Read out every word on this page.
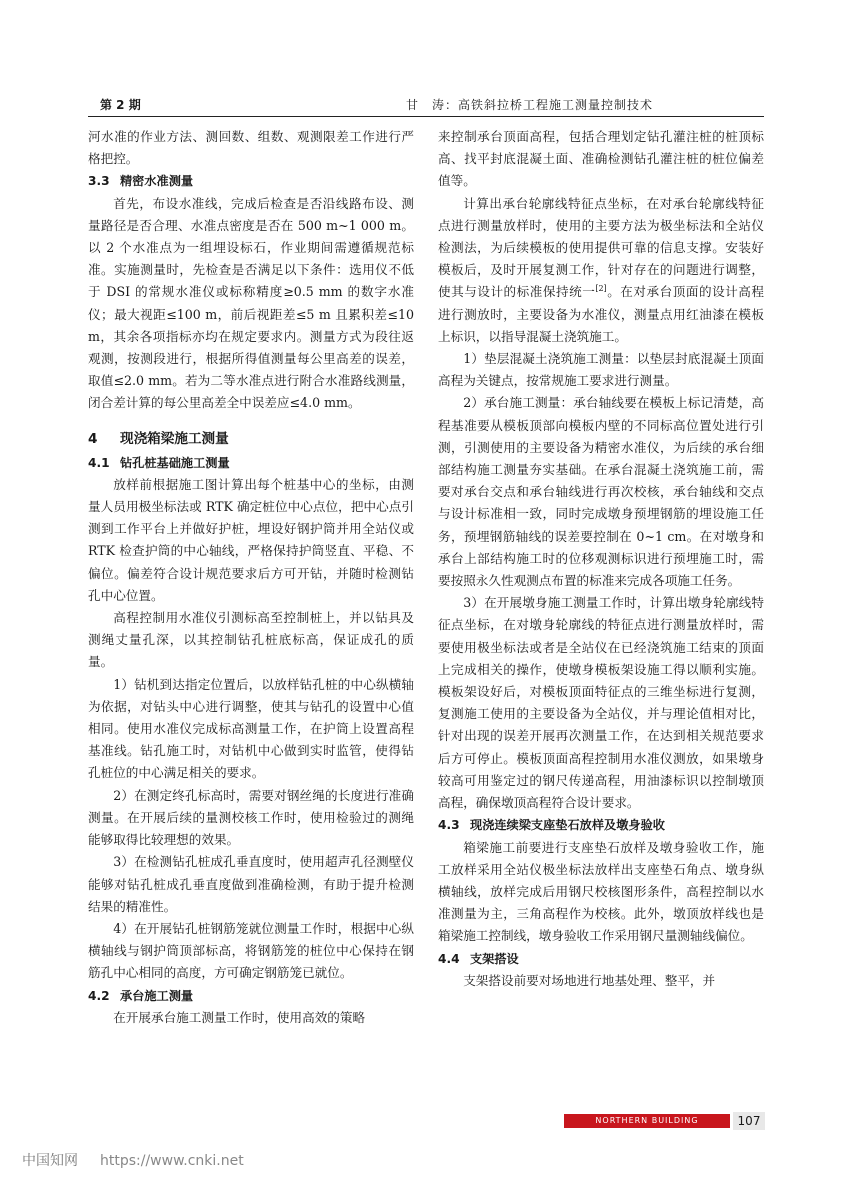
第 2 期	甘　涛：高铁斜拉桥工程施工测量控制技术

河水准的作业方法、测回数、组数、观测限差工作进行严格把控。

3.3 精密水准测量

首先，布设水准线，完成后检查是否沿线路布设、测量路径是否合理、水准点密度是否在 500 m~1 000 m。以 2 个水准点为一组埋设标石，作业期间需遵循规范标准。实施测量时，先检查是否满足以下条件：选用仪不低于 DSI 的常规水准仪或标称精度≥0.5 mm 的数字水准仪；最大视距≤100 m，前后视距差≤5 m 且累积差≤10 m，其余各项指标亦均在规定要求内。测量方式为段往返观测，按测段进行，根据所得值测量每公里高差的误差，取值≤2.0 mm。若为二等水准点进行附合水准路线测量，闭合差计算的每公里高差全中误差应≤4.0 mm。

4 现浇箱梁施工测量
4.1 钻孔桩基础施工测量

放样前根据施工图计算出每个桩基中心的坐标，由测量人员用极坐标法或 RTK 确定桩位中心点位，把中心点引测到工作平台上并做好护桩，埋设好钢护筒并用全站仪或 RTK 检查护筒的中心轴线，严格保持护筒竖直、平稳、不偏位。偏差符合设计规范要求后方可开钻，并随时检测钻孔中心位置。

高程控制用水准仪引测标高至控制桩上，并以钻具及测绳丈量孔深，以其控制钻孔桩底标高，保证成孔的质量。

1）钻机到达指定位置后，以放样钻孔桩的中心纵横轴为依据，对钻头中心进行调整，使其与钻孔的设置中心值相同。使用水准仪完成标高测量工作，在护筒上设置高程基准线。钻孔施工时，对钻机中心做到实时监管，使得钻孔桩位的中心满足相关的要求。

2）在测定终孔标高时，需要对钢丝绳的长度进行准确测量。在开展后续的量测校核工作时，使用检验过的测绳能够取得比较理想的效果。

3）在检测钻孔桩成孔垂直度时，使用超声孔径测壁仪能够对钻孔桩成孔垂直度做到准确检测，有助于提升检测结果的精准性。

4）在开展钻孔桩钢筋笼就位测量工作时，根据中心纵横轴线与钢护筒顶部标高，将钢筋笼的桩位中心保持在钢筋孔中心相同的高度，方可确定钢筋笼已就位。

4.2 承台施工测量

在开展承台施工测量工作时，使用高效的策略

来控制承台顶面高程，包括合理划定钻孔灌注桩的桩顶标高、找平封底混凝土面、准确检测钻孔灌注桩的桩位偏差值等。

计算出承台轮廓线特征点坐标，在对承台轮廓线特征点进行测量放样时，使用的主要方法为极坐标法和全站仪检测法，为后续模板的使用提供可靠的信息支撑。安装好模板后，及时开展复测工作，针对存在的问题进行调整，使其与设计的标准保持统一[2]。在对承台顶面的设计高程进行测放时，主要设备为水准仪，测量点用红油漆在模板上标识，以指导混凝土浇筑施工。

1）垫层混凝土浇筑施工测量：以垫层封底混凝土顶面高程为关键点，按常规施工要求进行测量。

2）承台施工测量：承台轴线要在模板上标记清楚，高程基准要从模板顶部向模板内壁的不同标高位置处进行引测，引测使用的主要设备为精密水准仪，为后续的承台细部结构施工测量夯实基础。在承台混凝土浇筑施工前，需要对承台交点和承台轴线进行再次校核，承台轴线和交点与设计标准相一致，同时完成墩身预埋钢筋的埋设施工任务，预埋钢筋轴线的误差要控制在 0~1 cm。在对墩身和承台上部结构施工时的位移观测标识进行预埋施工时，需要按照永久性观测点布置的标准来完成各项施工任务。

3）在开展墩身施工测量工作时，计算出墩身轮廓线特征点坐标，在对墩身轮廓线的特征点进行测量放样时，需要使用极坐标法或者是全站仪在已经浇筑施工结束的顶面上完成相关的操作，使墩身模板架设施工得以顺利实施。模板架设好后，对模板顶面特征点的三维坐标进行复测，复测施工使用的主要设备为全站仪，并与理论值相对比，针对出现的误差开展再次测量工作，在达到相关规范要求后方可停止。模板顶面高程控制用水准仪测放，如果墩身较高可用鉴定过的钢尺传递高程，用油漆标识以控制墩顶高程，确保墩顶高程符合设计要求。

4.3 现浇连续梁支座垫石放样及墩身验收

箱梁施工前要进行支座垫石放样及墩身验收工作，施工放样采用全站仪极坐标法放样出支座垫石角点、墩身纵横轴线，放样完成后用钢尺校核图形条件，高程控制以水准测量为主，三角高程作为校核。此外，墩顶放样线也是箱梁施工控制线，墩身验收工作采用钢尺量测轴线偏位。

4.4 支架搭设

支架搭设前要对场地进行地基处理、整平，并

NORTHERN BUILDING	107
中国知网 https://www.cnki.net
